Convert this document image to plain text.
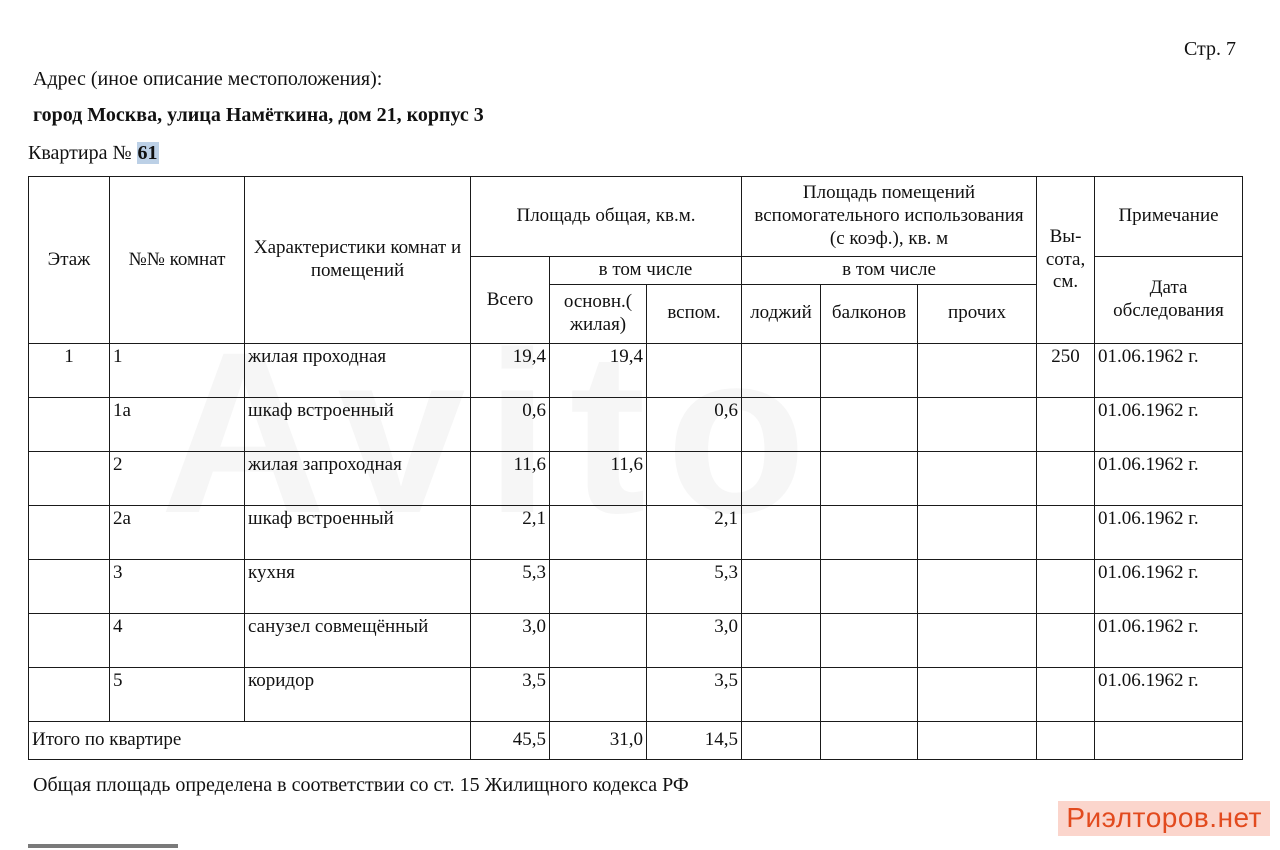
Стр. 7
Адрес (иное описание местоположения):
город Москва, улица Намёткина, дом 21, корпус 3
Квартира № 61
Этаж	№№ комнат	Характеристики комнат и помещений	Площадь общая, кв.м.			Площадь помещений вспомогательного использования (с коэф.), кв. м			Вы- сота, см.	Примечание
			Всего	в том числе		в том числе				Дата обследования
				основн.( жилая)	вспом.	лоджий	балконов	прочих		
1	1	жилая проходная	19,4	19,4					250	01.06.1962 г.
	1а	шкаф встроенный	0,6		0,6					01.06.1962 г.
	2	жилая запроходная	11,6	11,6						01.06.1962 г.
	2а	шкаф встроенный	2,1		2,1					01.06.1962 г.
	3	кухня	5,3		5,3					01.06.1962 г.
	4	санузел совмещённый	3,0		3,0					01.06.1962 г.
	5	коридор	3,5		3,5					01.06.1962 г.
Итого по квартире			45,5	31,0	14,5					
Общая площадь определена в соответствии со ст. 15 Жилищного кодекса РФ
Риэлторов.нет
